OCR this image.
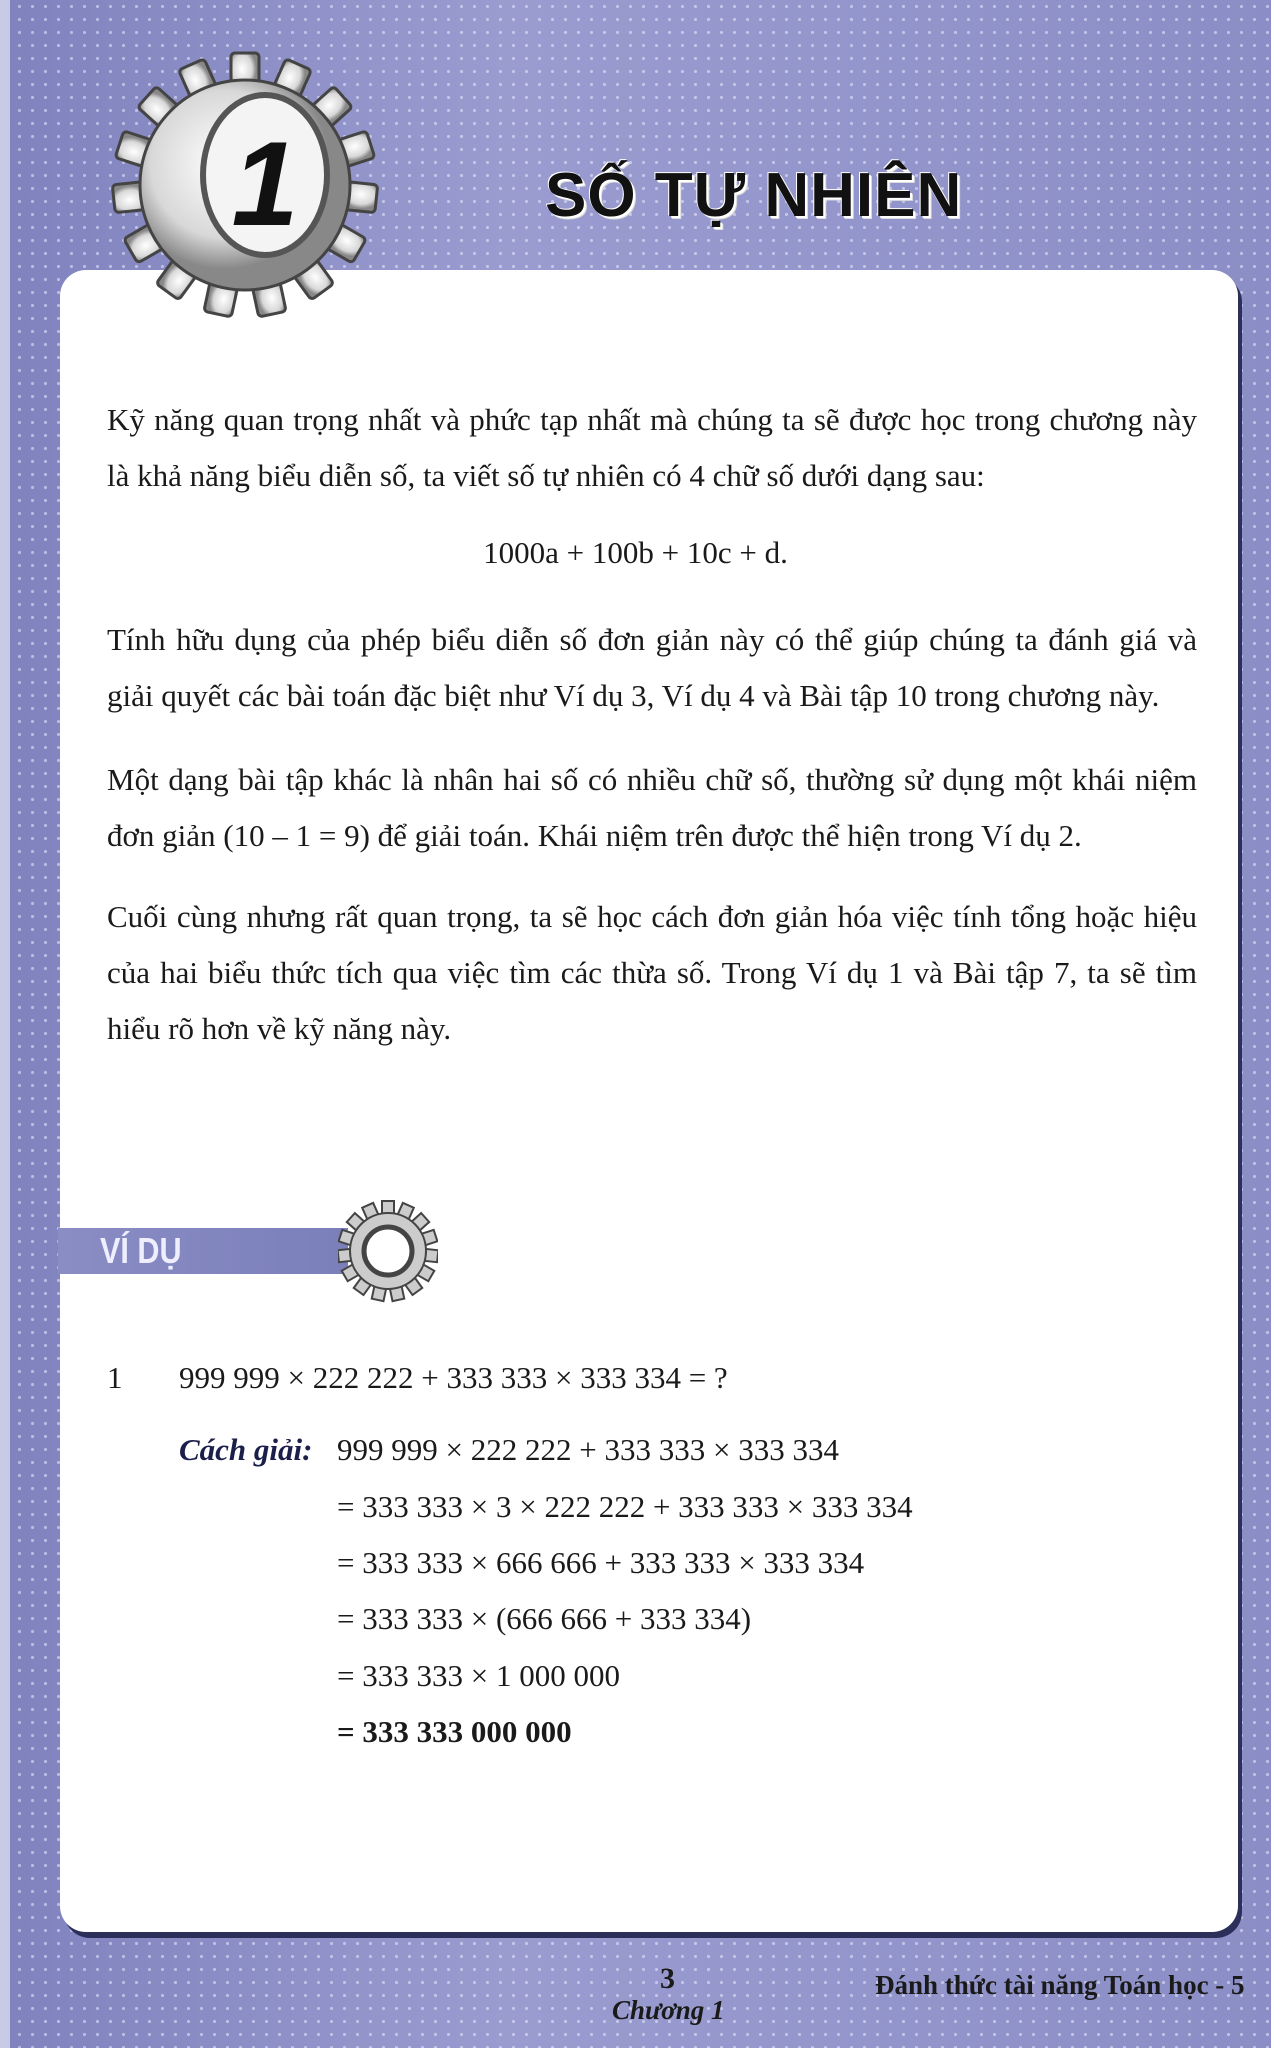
1	SỐ TỰ NHIÊN
Kỹ năng quan trọng nhất và phức tạp nhất mà chúng ta sẽ được học trong chương này là khả năng biểu diễn số, ta viết số tự nhiên có 4 chữ số dưới dạng sau:
1000a + 100b + 10c + d.
Tính hữu dụng của phép biểu diễn số đơn giản này có thể giúp chúng ta đánh giá và giải quyết các bài toán đặc biệt như Ví dụ 3, Ví dụ 4 và Bài tập 10 trong chương này.
Một dạng bài tập khác là nhân hai số có nhiều chữ số, thường sử dụng một khái niệm đơn giản (10 – 1 = 9) để giải toán. Khái niệm trên được thể hiện trong Ví dụ 2.
Cuối cùng nhưng rất quan trọng, ta sẽ học cách đơn giản hóa việc tính tổng hoặc hiệu của hai biểu thức tích qua việc tìm các thừa số. Trong Ví dụ 1 và Bài tập 7, ta sẽ tìm hiểu rõ hơn về kỹ năng này.
VÍ DỤ
1 999 999 × 222 222 + 333 333 × 333 334 = ?
Cách giải: 999 999 × 222 222 + 333 333 × 333 334
= 333 333 × 3 × 222 222 + 333 333 × 333 334
= 333 333 × 666 666 + 333 333 × 333 334
= 333 333 × (666 666 + 333 334)
= 333 333 × 1 000 000
= 333 333 000 000
3
Chương 1
Đánh thức tài năng Toán học - 5
